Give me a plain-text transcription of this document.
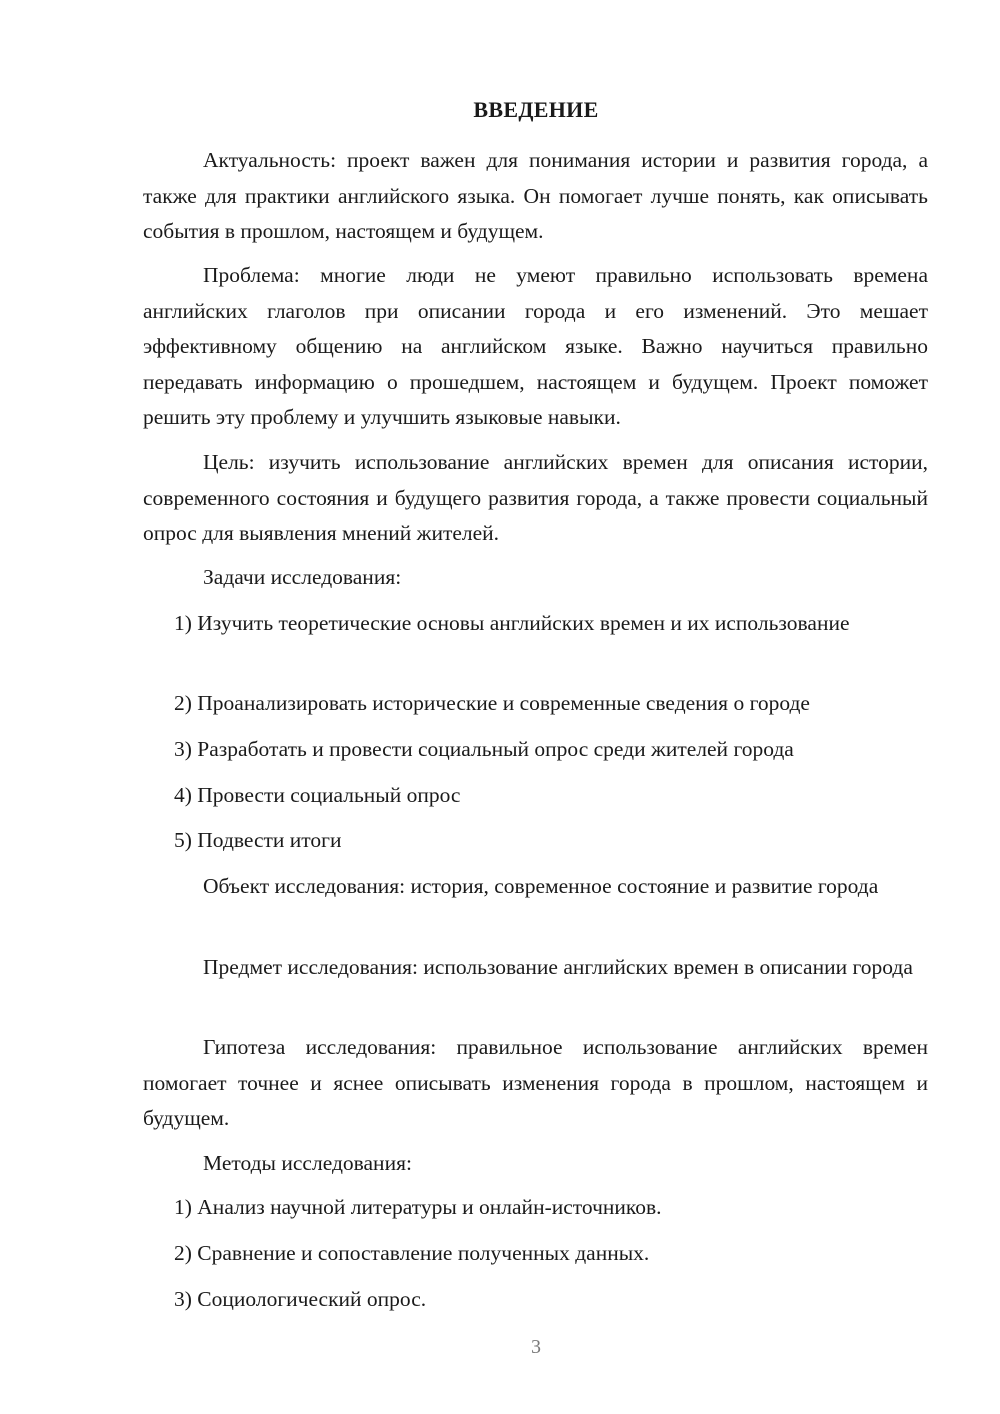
ВВЕДЕНИЕ

Актуальность: проект важен для понимания истории и развития города, а также для практики английского языка. Он помогает лучше понять, как описывать события в прошлом, настоящем и будущем.

Проблема: многие люди не умеют правильно использовать времена английских глаголов при описании города и его изменений. Это мешает эффективному общению на английском языке. Важно научиться правильно передавать информацию о прошедшем, настоящем и будущем. Проект поможет решить эту проблему и улучшить языковые навыки.

Цель: изучить использование английских времен для описания истории, современного состояния и будущего развития города, а также провести социальный опрос для выявления мнений жителей.

Задачи исследования:

1) Изучить теоретические основы английских времен и их использование

2) Проанализировать исторические и современные сведения о городе

3) Разработать и провести социальный опрос среди жителей города

4) Провести социальный опрос

5) Подвести итоги

Объект исследования: история, современное состояние и развитие города

Предмет исследования: использование английских времен в описании города

Гипотеза исследования: правильное использование английских времен помогает точнее и яснее описывать изменения города в прошлом, настоящем и будущем.

Методы исследования:

1) Анализ научной литературы и онлайн-источников.

2) Сравнение и сопоставление полученных данных.

3) Социологический опрос.

3
